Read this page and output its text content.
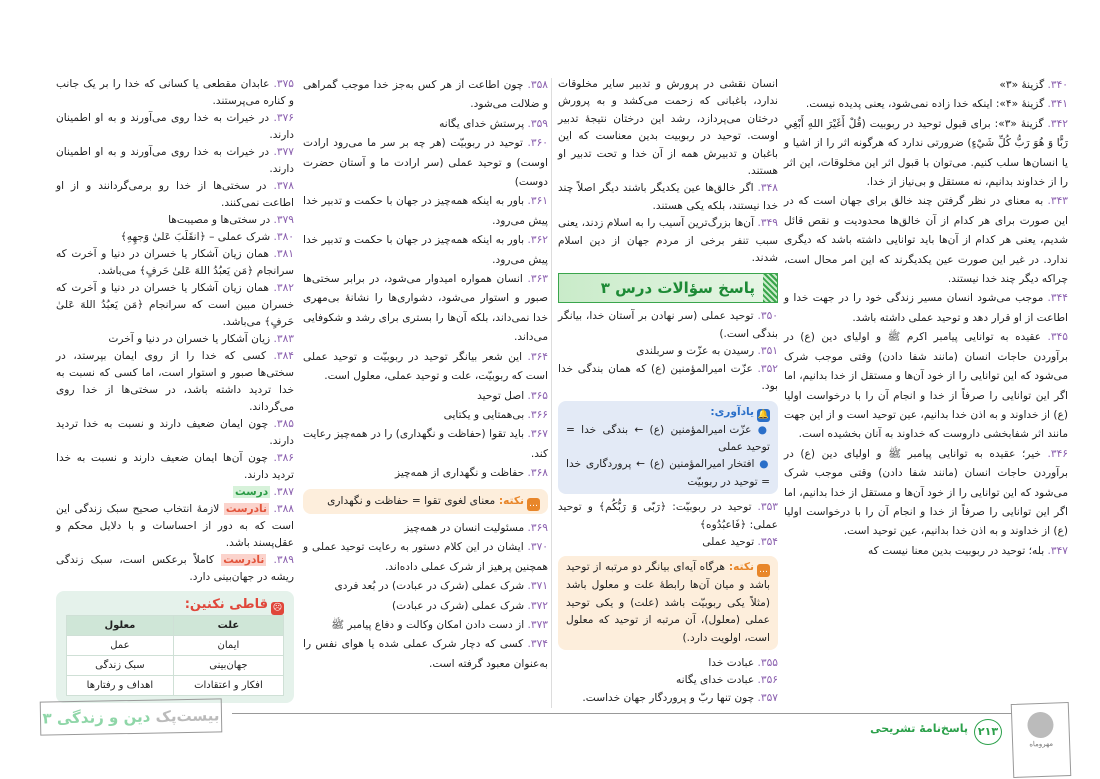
۳۴۰. گزینهٔ «۳»

۳۴۱. گزینهٔ «۴»: اینکه خدا زاده نمی‌شود، یعنی پدیده نیست.

۳۴۲. گزینهٔ «۳»: برای قبول توحید در ربوبیت (قُلْ أَغَيْرَ اللهِ أَبْغِي رَبًّا وَ هُوَ رَبُّ كُلِّ شَيْءٍ) ضرورتی ندارد که هرگونه اثر را از اشیا و یا انسان‌ها سلب کنیم. می‌توان با قبول اثر این مخلوقات، این اثر را از خداوند بدانیم، نه مستقل و بی‌نیاز از خدا.

۳۴۳. به معنای در نظر گرفتن چند خالق برای جهان است که در این صورت برای هر کدام از آن خالق‌ها محدودیت و نقص قائل شدیم، یعنی هر کدام از آن‌ها باید توانایی داشته باشد که دیگری ندارد. در غیر این صورت عین یکدیگرند که این امر محال است، چراکه دیگر چند خدا نیستند.

۳۴۴. موجب می‌شود انسان مسیر زندگی خود را در جهت خدا و اطاعت از او قرار دهد و توحید عملی داشته باشد.

۳۴۵. عقیده به توانایی پیامبر اکرم ﷺ و اولیای دین (ع) در برآوردن حاجات انسان (مانند شفا دادن) وقتی موجب شرک می‌شود که این توانایی را از خود آن‌ها و مستقل از خدا بدانیم، اما اگر این توانایی را صرفاً از خدا و انجام آن را با درخواست اولیا (ع) از خداوند و به اذن خدا بدانیم، عین توحید است و از این جهت مانند اثر شفابخشی داروست که خداوند به آنان بخشیده است.

۳۴۶. خیر؛ عقیده به توانایی پیامبر ﷺ و اولیای دین (ع) در برآوردن حاجات انسان (مانند شفا دادن) وقتی موجب شرک می‌شود که این توانایی را از خود آن‌ها و مستقل از خدا بدانیم، اما اگر این توانایی را صرفاً از خدا و انجام آن را با درخواست اولیا (ع) از خداوند و به اذن خدا بدانیم، عین توحید است.

۳۴۷. بله؛ توحید در ربوبیت بدین معنا نیست که

انسان نقشی در پرورش و تدبیر سایر مخلوقات ندارد، باغبانی که زحمت می‌کشد و به پرورش درختان می‌پردازد، رشد این درختان نتیجهٔ تدبیر اوست. توحید در ربوبیت بدین معناست که این باغبان و تدبیرش همه از آن خدا و تحت تدبیر او هستند.

۳۴۸. اگر خالق‌ها عین یکدیگر باشند دیگر اصلاً چند خدا نیستند، بلکه یکی هستند.

۳۴۹. آن‌ها بزرگ‌ترین آسیب را به اسلام زدند، یعنی سبب تنفر برخی از مردم جهان از دین اسلام شدند.

پاسخ سؤالات درس ۳

۳۵۰. توحید عملی (سر نهادن بر آستان خدا، بیانگر بندگی است.)

۳۵۱. رسیدن به عزّت و سربلندی

۳۵۲. عزّت امیرالمؤمنین (ع) که همان بندگی خدا بود.

🔔یادآوری:
● عزّت امیرالمؤمنین (ع) ← بندگی خدا = توحید عملی
● افتخار امیرالمؤمنین (ع) ← پروردگاری خدا = توحید در ربوبیّت

۳۵۳. توحید در ربوبیّت: ﴿رَبّی وَ رَبُّکُم﴾ و توحید عملی: ﴿فَاعبُدُوه﴾

۳۵۴. توحید عملی

…نکته: هرگاه آیه‌ای بیانگر دو مرتبه از توحید باشد و میان آن‌ها رابطهٔ علت و معلول باشد (مثلاً یکی ربوبیّت باشد (علت) و یکی توحید عملی (معلول)، آن مرتبه از توحید که معلول است، اولویت دارد.)

۳۵۵. عبادت خدا

۳۵۶. عبادت خدای یگانه

۳۵۷. چون تنها ربّ و پروردگار جهان خداست.

۳۵۸. چون اطاعت از هر کس به‌جز خدا موجب گمراهی و ضلالت می‌شود.

۳۵۹. پرستش خدای یگانه

۳۶۰. توحید در ربوبیّت (هر چه بر سر ما می‌رود ارادت اوست) و توحید عملی (سر ارادت ما و آستان حضرت دوست)

۳۶۱. باور به اینکه همه‌چیز در جهان با حکمت و تدبیر خدا پیش می‌رود.

۳۶۲. باور به اینکه همه‌چیز در جهان با حکمت و تدبیر خدا پیش می‌رود.

۳۶۳. انسان همواره امیدوار می‌شود، در برابر سختی‌ها صبور و استوار می‌شود، دشواری‌ها را نشانهٔ بی‌مهری خدا نمی‌داند، بلکه آن‌ها را بستری برای رشد و شکوفایی می‌داند.

۳۶۴. این شعر بیانگر توحید در ربوبیّت و توحید عملی است که ربوبیّت، علت و توحید عملی، معلول است.

۳۶۵. اصل توحید

۳۶۶. بی‌همتایی و یکتایی

۳۶۷. باید تقوا (حفاظت و نگهداری) را در همه‌چیز رعایت کند.

۳۶۸. حفاظت و نگهداری از همه‌چیز

…نکته: معنای لغوی تقوا = حفاظت و نگهداری

۳۶۹. مسئولیت انسان در همه‌چیز

۳۷۰. ایشان در این کلام دستور به رعایت توحید عملی و همچنین پرهیز از شرک عملی داده‌اند.

۳۷۱. شرک عملی (شرک در عبادت) در بُعد فردی

۳۷۲. شرک عملی (شرک در عبادت)

۳۷۳. از دست دادن امکان وکالت و دفاع پیامبر ﷺ

۳۷۴. کسی که دچار شرک عملی شده یا هوای نفس را به‌عنوان معبود گرفته است.

۳۷۵. عابدان مقطعی یا کسانی که خدا را بر یک جانب و کناره می‌پرستند.

۳۷۶. در خیرات به خدا روی می‌آورند و به او اطمینان دارند.

۳۷۷. در خیرات به خدا روی می‌آورند و به او اطمینان دارند.

۳۷۸. در سختی‌ها از خدا رو برمی‌گردانند و از او اطاعت نمی‌کنند.

۳۷۹. در سختی‌ها و مصیبت‌ها

۳۸۰. شرک عملی – ﴿انقَلَبَ عَلیٰ وَجهِهِ﴾

۳۸۱. همان زیان آشکار یا خسران در دنیا و آخرت که سرانجام ﴿مَن یَعبُدُ اللهَ عَلیٰ حَرفٍ﴾ می‌باشد.

۳۸۲. همان زیان آشکار یا خسران در دنیا و آخرت که خسران مبین است که سرانجام ﴿مَن یَعبُدُ اللهَ عَلیٰ حَرفٍ﴾ می‌باشد.

۳۸۳. زیان آشکار یا خسران در دنیا و آخرت

۳۸۴. کسی که خدا را از روی ایمان بپرستد، در سختی‌ها صبور و استوار است، اما کسی که نسبت به خدا تردید داشته باشد، در سختی‌ها از خدا روی می‌گرداند.

۳۸۵. چون ایمان ضعیف دارند و نسبت به خدا تردید دارند.

۳۸۶. چون آن‌ها ایمان ضعیف دارند و نسبت به خدا تردید دارند.

۳۸۷. درست

۳۸۸. نادرست لازمهٔ انتخاب صحیح سبک زندگی این است که به دور از احساسات و با دلایل محکم و عقل‌پسند باشد.

۳۸۹. نادرست کاملاً برعکس است، سبک زندگی ریشه در جهان‌بینی دارد.

☹قاطی نکنین:
علت	معلول
ایمان	عمل
جهان‌بینی	سبک زندگی
افکار و اعتقادات	اهداف و رفتارها
بیست‌پک

دین و زندگی ۳
۲۱۳
پاسخ‌نامهٔ تشریحی
مهروماه
